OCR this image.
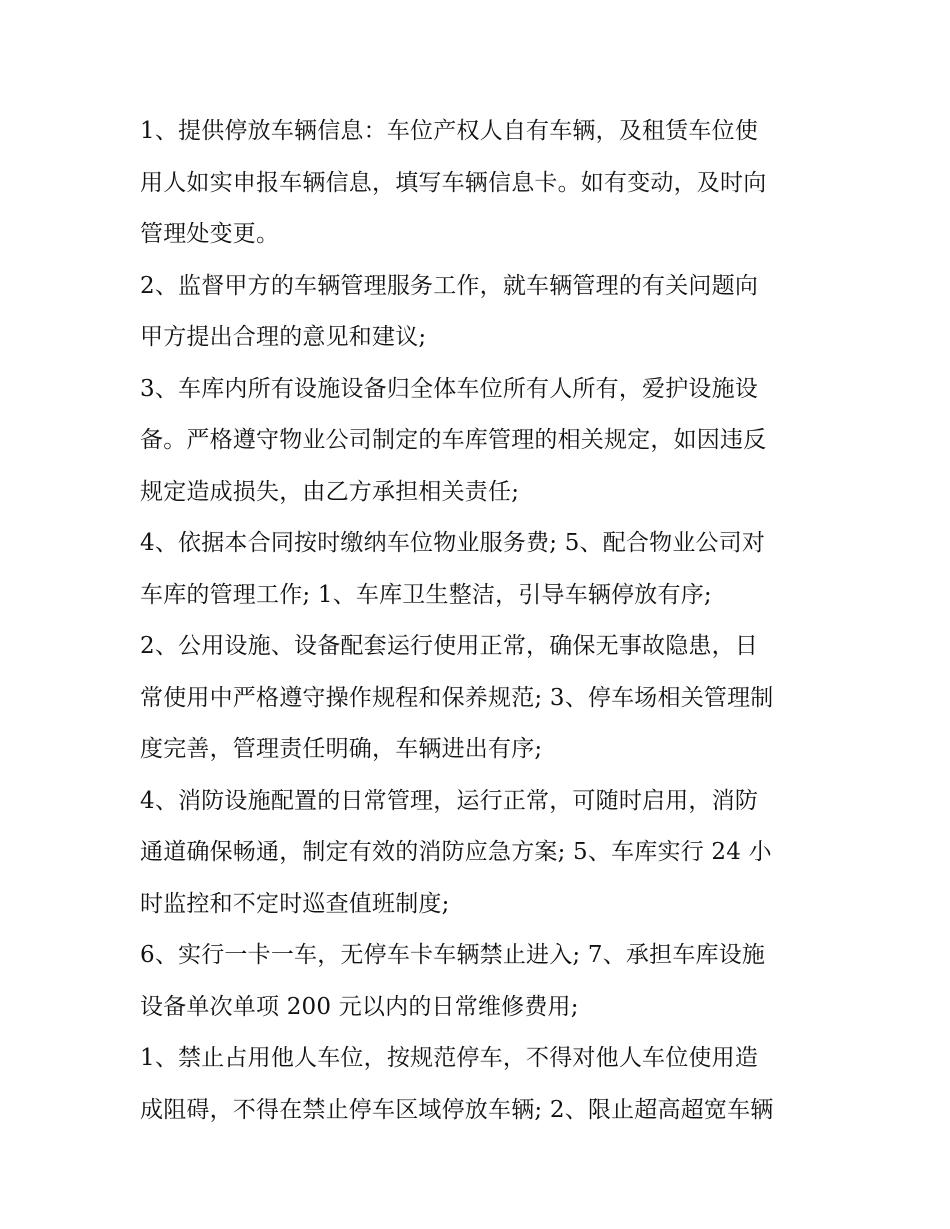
1、提供停放车辆信息：车位产权人自有车辆，及租赁车位使
用人如实申报车辆信息，填写车辆信息卡。如有变动，及时向
管理处变更。

2、监督甲方的车辆管理服务工作，就车辆管理的有关问题向
甲方提出合理的意见和建议;

3、车库内所有设施设备归全体车位所有人所有，爱护设施设
备。严格遵守物业公司制定的车库管理的相关规定，如因违反
规定造成损失，由乙方承担相关责任;

4、依据本合同按时缴纳车位物业服务费; 5、配合物业公司对
车库的管理工作; 1、车库卫生整洁，引导车辆停放有序;

2、公用设施、设备配套运行使用正常，确保无事故隐患，日
常使用中严格遵守操作规程和保养规范; 3、停车场相关管理制
度完善，管理责任明确，车辆进出有序;

4、消防设施配置的日常管理，运行正常，可随时启用，消防
通道确保畅通，制定有效的消防应急方案; 5、车库实行 24 小
时监控和不定时巡查值班制度;

6、实行一卡一车，无停车卡车辆禁止进入; 7、承担车库设施
设备单次单项 200 元以内的日常维修费用;

1、禁止占用他人车位，按规范停车，不得对他人车位使用造
成阻碍，不得在禁止停车区域停放车辆; 2、限止超高超宽车辆
